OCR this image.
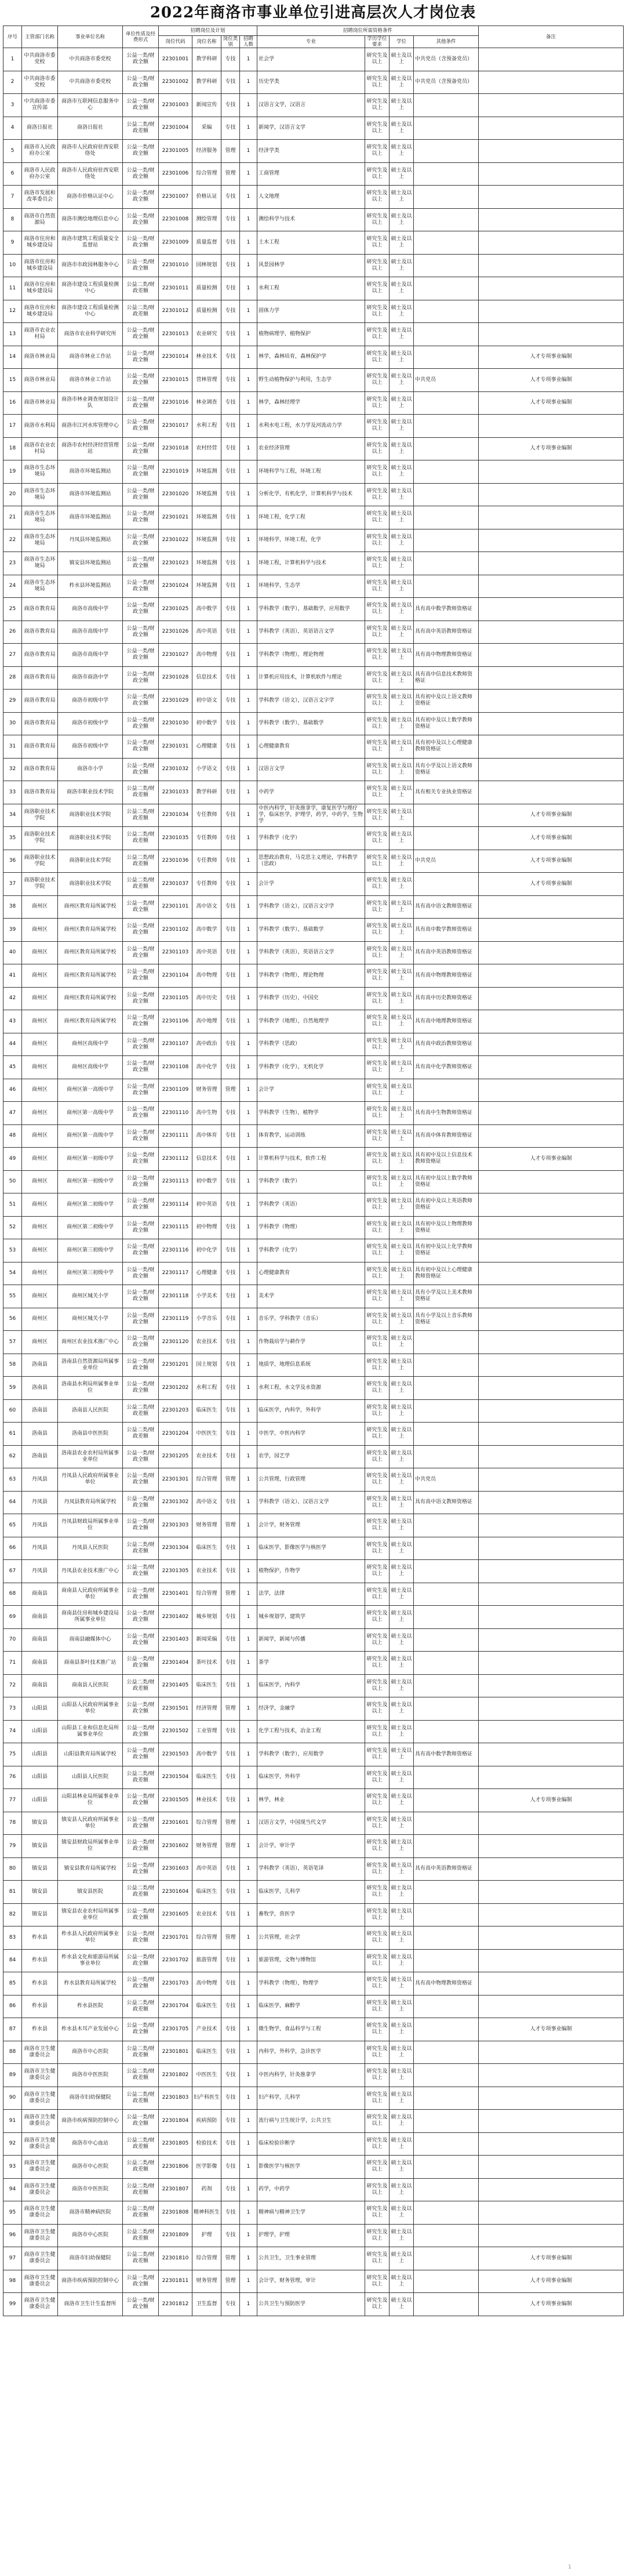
2022年商洛市事业单位引进高层次人才岗位表
序号	主管部门名称	事业单位名称	单位性质及经费形式	招聘岗位及计划				招聘岗位所需资格条件				备注
				岗位代码	岗位名称	岗位类别	招聘人数	专业	学历学位要求	学位	其他条件	
1	中共商洛市委党校	中共商洛市委党校	公益一类/财政全额	22301001	教学科研	专技	1	社会学	研究生及以上	硕士及以上	中共党员（含预备党员）	
2	中共商洛市委党校	中共商洛市委党校	公益一类/财政全额	22301002	教学科研	专技	1	历史学类	研究生及以上	硕士及以上	中共党员（含预备党员）	
3	中共商洛市委宣传部	商洛市互联网信息服务中心	公益一类/财政全额	22301003	新闻宣传	专技	1	汉语言文学，汉语言	研究生及以上	硕士及以上		
4	商洛日报社	商洛日报社	公益二类/财政差额	22301004	采编	专技	1	新闻学，汉语言文学	研究生及以上	硕士及以上		
5	商洛市人民政府办公室	商洛市人民政府驻西安联络处	公益一类/财政全额	22301005	经济服务	管理	1	经济学类	研究生及以上	硕士及以上		
6	商洛市人民政府办公室	商洛市人民政府驻西安联络处	公益一类/财政全额	22301006	综合管理	管理	1	工商管理	研究生及以上	硕士及以上		
7	商洛市发展和改革委员会	商洛市价格认证中心	公益一类/财政全额	22301007	价格认证	专技	1	人文地理	研究生及以上	硕士及以上		
8	商洛市自然资源局	商洛市测绘地理信息中心	公益一类/财政全额	22301008	测绘管理	专技	1	测绘科学与技术	研究生及以上	硕士及以上		
9	商洛市住房和城乡建设局	商洛市建筑工程质量安全监督站	公益一类/财政全额	22301009	质量监督	专技	1	土木工程	研究生及以上	硕士及以上		
10	商洛市住房和城乡建设局	商洛市市政园林服务中心	公益一类/财政全额	22301010	园林规划	专技	1	风景园林学	研究生及以上	硕士及以上		
11	商洛市住房和城乡建设局	商洛市建设工程质量检测中心	公益二类/财政差额	22301011	质量检测	专技	1	水利工程	研究生及以上	硕士及以上		
12	商洛市住房和城乡建设局	商洛市建设工程质量检测中心	公益二类/财政差额	22301012	质量检测	专技	1	固体力学	研究生及以上	硕士及以上		
13	商洛市农业农村局	商洛市农业科学研究所	公益一类/财政全额	22301013	农业研究	专技	1	植物病理学，植物保护	研究生及以上	硕士及以上		
14	商洛市林业局	商洛市林业工作站	公益一类/财政全额	22301014	林业技术	专技	1	林学，森林培育，森林保护学	研究生及以上	硕士及以上		人才专项事业编制
15	商洛市林业局	商洛市林业工作站	公益一类/财政全额	22301015	营林管理	专技	1	野生动植物保护与利用，生态学	研究生及以上	硕士及以上	中共党员	人才专项事业编制
16	商洛市林业局	商洛市林业调查规划设计队	公益一类/财政全额	22301016	林业调查	专技	1	林学，森林经理学	研究生及以上	硕士及以上		人才专项事业编制
17	商洛市水利局	商洛市江河水库管理中心	公益一类/财政全额	22301017	水利工程	专技	1	水利水电工程，水力学及河流动力学	研究生及以上	硕士及以上		
18	商洛市农业农村局	商洛市农村经济经营管理站	公益一类/财政全额	22301018	农村经营	专技	1	农业经济管理	研究生及以上	硕士及以上		人才专项事业编制
19	商洛市生态环境局	商洛市环境监测站	公益一类/财政全额	22301019	环境监测	专技	1	环境科学与工程，环境工程	研究生及以上	硕士及以上		
20	商洛市生态环境局	商洛市环境监测站	公益一类/财政全额	22301020	环境监测	专技	1	分析化学，有机化学，计算机科学与技术	研究生及以上	硕士及以上		
21	商洛市生态环境局	商洛市环境监测站	公益一类/财政全额	22301021	环境监测	专技	1	环境工程，化学工程	研究生及以上	硕士及以上		
22	商洛市生态环境局	丹凤县环境监测站	公益一类/财政全额	22301022	环境监测	专技	1	环境科学，环境工程，化学	研究生及以上	硕士及以上		
23	商洛市生态环境局	镇安县环境监测站	公益一类/财政全额	22301023	环境监测	专技	1	环境工程，计算机科学与技术	研究生及以上	硕士及以上		
24	商洛市生态环境局	柞水县环境监测站	公益一类/财政全额	22301024	环境监测	专技	1	环境科学，生态学	研究生及以上	硕士及以上		
25	商洛市教育局	商洛市高级中学	公益一类/财政全额	22301025	高中数学	专技	1	学科教学（数学），基础数学，应用数学	研究生及以上	硕士及以上	具有高中数学教师资格证	
26	商洛市教育局	商洛市高级中学	公益一类/财政全额	22301026	高中英语	专技	1	学科教学（英语），英语语言文学	研究生及以上	硕士及以上	具有高中英语教师资格证	
27	商洛市教育局	商洛市高级中学	公益一类/财政全额	22301027	高中物理	专技	1	学科教学（物理），理论物理	研究生及以上	硕士及以上	具有高中物理教师资格证	
28	商洛市教育局	商洛市商洛中学	公益一类/财政全额	22301028	信息技术	专技	1	计算机应用技术，计算机软件与理论	研究生及以上	硕士及以上	具有高中信息技术教师资格证	
29	商洛市教育局	商洛市初级中学	公益一类/财政全额	22301029	初中语文	专技	1	学科教学（语文），汉语言文字学	研究生及以上	硕士及以上	具有初中及以上语文教师资格证	
30	商洛市教育局	商洛市初级中学	公益一类/财政全额	22301030	初中数学	专技	1	学科教学（数学），基础数学	研究生及以上	硕士及以上	具有初中及以上数学教师资格证	
31	商洛市教育局	商洛市初级中学	公益一类/财政全额	22301031	心理健康	专技	1	心理健康教育	研究生及以上	硕士及以上	具有初中及以上心理健康教师资格证	
32	商洛市教育局	商洛市小学	公益一类/财政全额	22301032	小学语文	专技	1	汉语言文学	研究生及以上	硕士及以上	具有小学及以上语文教师资格证	
33	商洛市教育局	商洛市职业技术学院	公益二类/财政差额	22301033	教学科研	专技	1	中药学	研究生及以上	硕士及以上	具有相关专业执业资格证	
34	商洛职业技术学院	商洛职业技术学院	公益二类/财政差额	22301034	专任教师	专技	1	中医内科学，针灸推拿学，康复医学与理疗学，临床医学，护理学，药学，中药学，生物学	研究生及以上	硕士及以上		人才专项事业编制
35	商洛职业技术学院	商洛职业技术学院	公益二类/财政差额	22301035	专任教师	专技	1	学科教学（化学）	研究生及以上	硕士及以上		人才专项事业编制
36	商洛职业技术学院	商洛职业技术学院	公益二类/财政差额	22301036	专任教师	专技	1	思想政治教育，马克思主义理论，学科教学（思政）	研究生及以上	硕士及以上	中共党员	人才专项事业编制
37	商洛职业技术学院	商洛职业技术学院	公益二类/财政差额	22301037	专任教师	专技	1	会计学	研究生及以上	硕士及以上		人才专项事业编制
38	商州区	商州区教育局所属学校	公益一类/财政全额	22301101	高中语文	专技	1	学科教学（语文），汉语言文字学	研究生及以上	硕士及以上	具有高中语文教师资格证	
39	商州区	商州区教育局所属学校	公益一类/财政全额	22301102	高中数学	专技	1	学科教学（数学），基础数学	研究生及以上	硕士及以上	具有高中数学教师资格证	
40	商州区	商州区教育局所属学校	公益一类/财政全额	22301103	高中英语	专技	1	学科教学（英语），英语语言文学	研究生及以上	硕士及以上	具有高中英语教师资格证	
41	商州区	商州区教育局所属学校	公益一类/财政全额	22301104	高中物理	专技	1	学科教学（物理），理论物理	研究生及以上	硕士及以上	具有高中物理教师资格证	
42	商州区	商州区教育局所属学校	公益一类/财政全额	22301105	高中历史	专技	1	学科教学（历史），中国史	研究生及以上	硕士及以上	具有高中历史教师资格证	
43	商州区	商州区教育局所属学校	公益一类/财政全额	22301106	高中地理	专技	1	学科教学（地理），自然地理学	研究生及以上	硕士及以上	具有高中地理教师资格证	
44	商州区	商州区高级中学	公益一类/财政全额	22301107	高中政治	专技	1	学科教学（思政）	研究生及以上	硕士及以上	具有高中政治教师资格证	
45	商州区	商州区高级中学	公益一类/财政全额	22301108	高中化学	专技	1	学科教学（化学），无机化学	研究生及以上	硕士及以上	具有高中化学教师资格证	
46	商州区	商州区第一高级中学	公益一类/财政全额	22301109	财务管理	管理	1	会计学	研究生及以上	硕士及以上		
47	商州区	商州区第一高级中学	公益一类/财政全额	22301110	高中生物	专技	1	学科教学（生物），植物学	研究生及以上	硕士及以上	具有高中生物教师资格证	
48	商州区	商州区第一高级中学	公益一类/财政全额	22301111	高中体育	专技	1	体育教学，运动训练	研究生及以上	硕士及以上	具有高中体育教师资格证	
49	商州区	商州区第一初级中学	公益一类/财政全额	22301112	信息技术	专技	1	计算机科学与技术，软件工程	研究生及以上	硕士及以上	具有初中及以上信息技术教师资格证	人才专项事业编制
50	商州区	商州区第一初级中学	公益一类/财政全额	22301113	初中数学	专技	1	学科教学（数学）	研究生及以上	硕士及以上	具有初中及以上数学教师资格证	
51	商州区	商州区第二初级中学	公益一类/财政全额	22301114	初中英语	专技	1	学科教学（英语）	研究生及以上	硕士及以上	具有初中及以上英语教师资格证	
52	商州区	商州区第二初级中学	公益一类/财政全额	22301115	初中物理	专技	1	学科教学（物理）	研究生及以上	硕士及以上	具有初中及以上物理教师资格证	
53	商州区	商州区第三初级中学	公益一类/财政全额	22301116	初中化学	专技	1	学科教学（化学）	研究生及以上	硕士及以上	具有初中及以上化学教师资格证	
54	商州区	商州区第三初级中学	公益一类/财政全额	22301117	心理健康	专技	1	心理健康教育	研究生及以上	硕士及以上	具有初中及以上心理健康教师资格证	
55	商州区	商州区城关小学	公益一类/财政全额	22301118	小学美术	专技	1	美术学	研究生及以上	硕士及以上	具有小学及以上美术教师资格证	
56	商州区	商州区城关小学	公益一类/财政全额	22301119	小学音乐	专技	1	音乐学，学科教学（音乐）	研究生及以上	硕士及以上	具有小学及以上音乐教师资格证	
57	商州区	商州区农业技术推广中心	公益一类/财政全额	22301120	农业技术	专技	1	作物栽培学与耕作学	研究生及以上	硕士及以上		
58	洛南县	洛南县自然资源局所属事业单位	公益一类/财政全额	22301201	国土规划	专技	1	地质学，地理信息系统	研究生及以上	硕士及以上		
59	洛南县	洛南县水利局所属事业单位	公益一类/财政全额	22301202	水利工程	专技	1	水利工程，水文学及水资源	研究生及以上	硕士及以上		
60	洛南县	洛南县人民医院	公益二类/财政差额	22301203	临床医生	专技	1	临床医学，内科学，外科学	研究生及以上	硕士及以上		
61	洛南县	洛南县中医医院	公益二类/财政差额	22301204	中医医生	专技	1	中医学，中医内科学	研究生及以上	硕士及以上		
62	洛南县	洛南县农业农村局所属事业单位	公益一类/财政全额	22301205	农业技术	专技	1	农学，园艺学	研究生及以上	硕士及以上		
63	丹凤县	丹凤县人民政府所属事业单位	公益一类/财政全额	22301301	综合管理	管理	1	公共管理，行政管理	研究生及以上	硕士及以上	中共党员	
64	丹凤县	丹凤县教育局所属学校	公益一类/财政全额	22301302	高中语文	专技	1	学科教学（语文），汉语言文学	研究生及以上	硕士及以上	具有高中语文教师资格证	
65	丹凤县	丹凤县财政局所属事业单位	公益一类/财政全额	22301303	财务管理	管理	1	会计学，财务管理	研究生及以上	硕士及以上		
66	丹凤县	丹凤县人民医院	公益二类/财政差额	22301304	临床医生	专技	1	临床医学，影像医学与核医学	研究生及以上	硕士及以上		
67	丹凤县	丹凤县农业技术推广中心	公益一类/财政全额	22301305	农业技术	专技	1	植物保护，作物学	研究生及以上	硕士及以上		
68	商南县	商南县人民政府所属事业单位	公益一类/财政全额	22301401	综合管理	管理	1	法学，法律	研究生及以上	硕士及以上		
69	商南县	商南县住房和城乡建设局所属事业单位	公益一类/财政全额	22301402	城乡规划	专技	1	城乡规划学，建筑学	研究生及以上	硕士及以上		
70	商南县	商南县融媒体中心	公益一类/财政全额	22301403	新闻采编	专技	1	新闻学，新闻与传播	研究生及以上	硕士及以上		
71	商南县	商南县茶叶技术推广站	公益一类/财政全额	22301404	茶叶技术	专技	1	茶学	研究生及以上	硕士及以上		
72	商南县	商南县人民医院	公益二类/财政差额	22301405	临床医生	专技	1	临床医学，内科学	研究生及以上	硕士及以上		
73	山阳县	山阳县人民政府所属事业单位	公益一类/财政全额	22301501	经济管理	管理	1	经济学，金融学	研究生及以上	硕士及以上		
74	山阳县	山阳县工业和信息化局所属事业单位	公益一类/财政全额	22301502	工业管理	专技	1	化学工程与技术，冶金工程	研究生及以上	硕士及以上		
75	山阳县	山阳县教育局所属学校	公益一类/财政全额	22301503	高中数学	专技	1	学科教学（数学），应用数学	研究生及以上	硕士及以上	具有高中数学教师资格证	
76	山阳县	山阳县人民医院	公益二类/财政差额	22301504	临床医生	专技	1	临床医学，外科学	研究生及以上	硕士及以上		
77	山阳县	山阳县林业局所属事业单位	公益一类/财政全额	22301505	林业技术	专技	1	林学，林业	研究生及以上	硕士及以上		人才专项事业编制
78	镇安县	镇安县人民政府所属事业单位	公益一类/财政全额	22301601	综合管理	管理	1	汉语言文学，中国现当代文学	研究生及以上	硕士及以上		
79	镇安县	镇安县财政局所属事业单位	公益一类/财政全额	22301602	财务管理	管理	1	会计学，审计学	研究生及以上	硕士及以上		
80	镇安县	镇安县教育局所属学校	公益一类/财政全额	22301603	高中英语	专技	1	学科教学（英语），英语笔译	研究生及以上	硕士及以上	具有高中英语教师资格证	
81	镇安县	镇安县医院	公益二类/财政差额	22301604	临床医生	专技	1	临床医学，儿科学	研究生及以上	硕士及以上		
82	镇安县	镇安县农业农村局所属事业单位	公益一类/财政全额	22301605	农业技术	专技	1	畜牧学，兽医学	研究生及以上	硕士及以上		
83	柞水县	柞水县人民政府所属事业单位	公益一类/财政全额	22301701	综合管理	管理	1	公共管理，社会学	研究生及以上	硕士及以上		
84	柞水县	柞水县文化和旅游局所属事业单位	公益一类/财政全额	22301702	旅游管理	专技	1	旅游管理，文物与博物馆	研究生及以上	硕士及以上		
85	柞水县	柞水县教育局所属学校	公益一类/财政全额	22301703	高中物理	专技	1	学科教学（物理），物理学	研究生及以上	硕士及以上	具有高中物理教师资格证	
86	柞水县	柞水县医院	公益二类/财政差额	22301704	临床医生	专技	1	临床医学，麻醉学	研究生及以上	硕士及以上		
87	柞水县	柞水县木耳产业发展中心	公益一类/财政全额	22301705	产业技术	专技	1	微生物学，食品科学与工程	研究生及以上	硕士及以上		人才专项事业编制
88	商洛市卫生健康委员会	商洛市中心医院	公益二类/财政差额	22301801	临床医生	专技	1	内科学，外科学，急诊医学	研究生及以上	硕士及以上		
89	商洛市卫生健康委员会	商洛市中医医院	公益二类/财政差额	22301802	中医医生	专技	1	中医内科学，针灸推拿学	研究生及以上	硕士及以上		
90	商洛市卫生健康委员会	商洛市妇幼保健院	公益二类/财政差额	22301803	妇产科医生	专技	1	妇产科学，儿科学	研究生及以上	硕士及以上		
91	商洛市卫生健康委员会	商洛市疾病预防控制中心	公益一类/财政全额	22301804	疾病预防	专技	1	流行病与卫生统计学，公共卫生	研究生及以上	硕士及以上		
92	商洛市卫生健康委员会	商洛市中心血站	公益二类/财政差额	22301805	检验技术	专技	1	临床检验诊断学	研究生及以上	硕士及以上		
93	商洛市卫生健康委员会	商洛市中心医院	公益二类/财政差额	22301806	医学影像	专技	1	影像医学与核医学	研究生及以上	硕士及以上		
94	商洛市卫生健康委员会	商洛市中医医院	公益二类/财政差额	22301807	药剂	专技	1	药学，中药学	研究生及以上	硕士及以上		
95	商洛市卫生健康委员会	商洛市精神病医院	公益二类/财政差额	22301808	精神科医生	专技	1	精神病与精神卫生学	研究生及以上	硕士及以上		
96	商洛市卫生健康委员会	商洛市中心医院	公益二类/财政差额	22301809	护理	专技	1	护理学，护理	研究生及以上	硕士及以上		
97	商洛市卫生健康委员会	商洛市妇幼保健院	公益二类/财政差额	22301810	综合管理	管理	1	公共卫生，卫生事业管理	研究生及以上	硕士及以上		人才专项事业编制
98	商洛市卫生健康委员会	商洛市疾病预防控制中心	公益一类/财政全额	22301811	财务管理	管理	1	会计学，财务管理，审计	研究生及以上	硕士及以上		人才专项事业编制
99	商洛市卫生健康委员会	商洛市卫生计生监督所	公益一类/财政全额	22301812	卫生监督	专技	1	公共卫生与预防医学	研究生及以上	硕士及以上		人才专项事业编制
1
